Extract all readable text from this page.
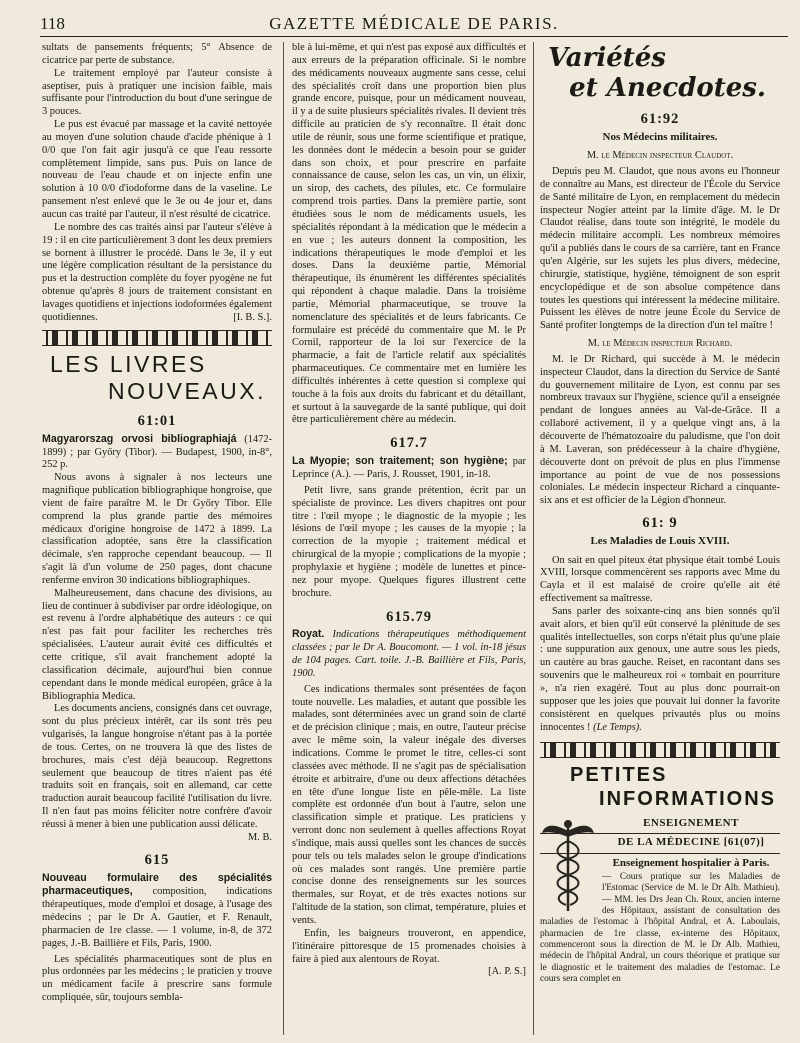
118	GAZETTE MÉDICALE DE PARIS.

sultats de pansements fréquents; 5° Absence de cicatrice par perte de substance.

Le traitement employé par l'auteur consiste à aseptiser, puis à pratiquer une incision faible, mais suffisante pour l'introduction du bout d'une seringue de 3 pouces.

Le pus est évacué par massage et la cavité nettoyée au moyen d'une solution chaude d'acide phénique à 1 0/0 que l'on fait agir jusqu'à ce que l'eau ressorte complètement limpide, sans pus. Puis on lance de nouveau de l'eau chaude et on injecte enfin une solution à 10 0/0 d'iodoforme dans de la vaseline. Le pansement n'est enlevé que le 3e ou 4e jour et, dans aucun cas traité par l'auteur, il n'est résulté de cicatrice.

Le nombre des cas traités ainsi par l'auteur s'élève à 19 : il en cite particulièrement 3 dont les deux premiers se bornent à illustrer le procédé. Dans le 3e, il y eut une légère complication résultant de la persistance du pus et la destruction complète du foyer pyogène ne fut obtenue qu'après 8 jours de traitement consistant en lavages quotidiens et injections iodoformées également quotidiennes.	[I. B. S.].

LES LIVRES
NOUVEAUX.
61:01

Magyarorszag orvosi bibliographiajá (1472-1899) ; par Győry (Tibor). — Budapest, 1900, in-8°, 252 p.

Nous avons à signaler à nos lecteurs une magnifique publication bibliographique hongroise, que vient de faire paraître M. le Dr Győry Tibor. Elle comprend la plus grande partie des mémoires médicaux d'origine hongroise de 1472 à 1899. La classification adoptée, sans être la classification décimale, s'en rapproche cependant beaucoup. — Il s'agit là d'un volume de 250 pages, dont chacune renferme environ 30 indications bibliographiques.

Malheureusement, dans chacune des divisions, au lieu de continuer à subdiviser par ordre idéologique, on est revenu à l'ordre alphabétique des auteurs : ce qui n'est pas fait pour faciliter les recherches très spécialisées. L'auteur aurait évité ces difficultés et cette critique, s'il avait franchement adopté la classification décimale, aujourd'hui bien connue cependant dans le monde médical européen, grâce à la Bibliographia Medica.

Les documents anciens, consignés dans cet ouvrage, sont du plus précieux intérêt, car ils sont très peu vulgarisés, la langue hongroise n'étant pas à la portée de tous. Certes, on ne trouvera là que des listes de brochures, mais c'est déjà beaucoup. Regrettons seulement que beaucoup de titres n'aient pas été traduits soit en français, soit en allemand, car cette traduction aurait beaucoup facilité l'utilisation du livre. Il n'en faut pas moins féliciter notre confrère d'avoir réussi à mener à bien une publication aussi délicate.

M. B.
615

Nouveau formulaire des spécialités pharmaceutiques, composition, indications thérapeutiques, mode d'emploi et dosage, à l'usage des médecins ; par le Dr A. Gautier, et F. Renault, pharmacien de 1re classe. — 1 volume, in-8, de 372 pages, J.-B. Baillière et Fils, Paris, 1900.

Les spécialités pharmaceutiques sont de plus en plus ordonnées par les médecins ; le praticien y trouve un médicament facile à prescrire sans formule compliquée, sûr, toujours sembla-

ble à lui-même, et qui n'est pas exposé aux difficultés et aux erreurs de la préparation officinale. Si le nombre des médicaments nouveaux augmente sans cesse, celui des spécialités croît dans une proportion bien plus grande encore, puisque, pour un médicament nouveau, il y a de suite plusieurs spécialités rivales. Il devient très difficile au praticien de s'y reconnaître. Il était donc utile de réunir, sous une forme scientifique et pratique, les données dont le médecin a besoin pour se guider dans son choix, et pour prescrire en parfaite connaissance de cause, selon les cas, un vin, un élixir, un sirop, des cachets, des pilules, etc. Ce formulaire comprend trois parties. Dans la première partie, sont étudiées sous le nom de médicaments usuels, les spécialités répondant à la médication que le médecin a en vue ; les auteurs donnent la composition, les indications thérapeutiques le mode d'emploi et les doses. Dans la deuxième partie, Mémorial thérapeutique, ils énumèrent les différentes spécialités qui répondent à chaque maladie. Dans la troisième partie, Mémorial pharmaceutique, se trouve la nomenclature des spécialités et de leurs fabricants. Ce formulaire est précédé du commentaire que M. le Pr Cornil, rapporteur de la loi sur l'exercice de la pharmacie, a fait de l'article relatif aux spécialités pharmaceutiques. Ce commentaire met en lumière les difficultés inhérentes à cette question si complexe qui touche à la fois aux droits du fabricant et du détaillant, et surtout à la sauvegarde de la santé publique, qui doit être particulièrement chère au médecin.

617.7

La Myopie; son traitement; son hygiène; par Leprince (A.). — Paris, J. Rousset, 1901, in-18.

Petit livre, sans grande prétention, écrit par un spécialiste de province. Les divers chapitres ont pour titre : l'œil myope ; le diagnostic de la myopie ; les lésions de l'œil myope ; les causes de la myopie ; la correction de la myopie ; traitement médical et chirurgical de la myopie ; complications de la myopie ; prophylaxie et hygiène ; modèle de lunettes et pince-nez pour myope. Quelques figures illustrent cette brochure.

615.79

Royat. Indications thérapeutiques méthodiquement classées ; par le Dr A. Boucomont. — 1 vol. in-18 jésus de 104 pages. Cart. toile. J.-B. Baillière et Fils, Paris, 1900.

Ces indications thermales sont présentées de façon toute nouvelle. Les maladies, et autant que possible les malades, sont déterminées avec un grand soin de clarté et de précision clinique ; mais, en outre, l'auteur précise avec le même soin, la valeur inégale des diverses indications. Comme le promet le titre, celles-ci sont classées avec méthode. Il ne s'agit pas de spécialisation étroite et arbitraire, d'une ou deux affections détachées en tête d'une longue liste en pêle-mêle. La liste complète est ordonnée d'un bout à l'autre, selon une classification simple et pratique. Les praticiens y verront donc non seulement à quelles affections Royat s'indique, mais aussi quelles sont les chances de succès pour tels ou tels malades selon le groupe d'indications où ces malades sont rangés. Une première partie concise donne des renseignements sur les sources thermales, sur Royat, et de très exactes notions sur l'altitude de la station, son climat, température, pluies et vents.

Enfin, les baigneurs trouveront, en appendice, l'itinéraire pittoresque de 15 promenades choisies à faire à pied aux alentours de Royat.

[A. P. S.]
Variétés
et Anecdotes.
61:92
Nos Médecins militaires.

M. le Médecin inspecteur Claudot.

Depuis peu M. Claudot, que nous avons eu l'honneur de connaître au Mans, est directeur de l'École du Service de Santé militaire de Lyon, en remplacement du médecin inspecteur Nogier atteint par la limite d'âge. M. le Dr Claudot réalise, dans toute son intégrité, le modèle du médecin militaire accompli. Les nombreux mémoires qu'il a publiés dans le cours de sa carrière, tant en France qu'en Algérie, sur les sujets les plus divers, médecine, chirurgie, statistique, hygiène, témoignent de son esprit encyclopédique et de son absolue compétence dans toutes les questions qui intéressent la médecine militaire. Puissent les élèves de notre jeune École du Service de Santé profiter longtemps de la direction d'un tel maître !

M. le Médecin inspecteur Richard.

M. le Dr Richard, qui succède à M. le médecin inspecteur Claudot, dans la direction du Service de Santé du gouvernement militaire de Lyon, est connu par ses nombreux travaux sur l'hygiène, science qu'il a enseignée pendant de longues années au Val-de-Grâce. Il a collaboré activement, il y a quelque vingt ans, à la découverte de l'hématozoaire du paludisme, que l'on doit à M. Laveran, son prédécesseur à la chaire d'hygiène, découverte dont on prévoit de plus en plus l'immense importance au point de vue de nos possessions coloniales. Le médecin inspecteur Richard a cinquante-six ans et est officier de la Légion d'honneur.

61: 9
Les Maladies de Louis XVIII.

On sait en quel piteux état physique était tombé Louis XVIII, lorsque commencèrent ses rapports avec Mme du Cayla et il est malaisé de croire qu'elle ait été effectivement sa maîtresse.

Sans parler des soixante-cinq ans bien sonnés qu'il avait alors, et bien qu'il eût conservé la plénitude de ses qualités intellectuelles, son corps n'était plus qu'une plaie : une suppuration aux genoux, une autre sous les pieds, un cautère au bras gauche. Reiset, en racontant dans ses souvenirs que le malheureux roi « tombait en pourriture », n'a rien exagéré. Tout au plus donc pourrait-on supposer que les joies que pouvait lui donner la favorite consistèrent en quelques privautés plus ou moins innocentes ! (Le Temps).

PETITES
INFORMATIONS
ENSEIGNEMENT
DE LA MÉDECINE [61(07)]
Enseignement hospitalier à Paris.

— Cours pratique sur les Maladies de l'Estomac (Service de M. le Dr Alb. Mathieu). — MM. les Drs Jean Ch. Roux, ancien interne des Hôpitaux, assistant de consultation des maladies de l'estomac à l'hôpital Andral, et A. Laboulais, pharmacien de 1re classe, ex-interne des Hôpitaux, commenceront sous la direction de M. le Dr Alb. Mathieu, médecin de l'hôpital Andral, un cours théorique et pratique sur le diagnostic et le traitement des maladies de l'estomac. Le cours sera complet en
